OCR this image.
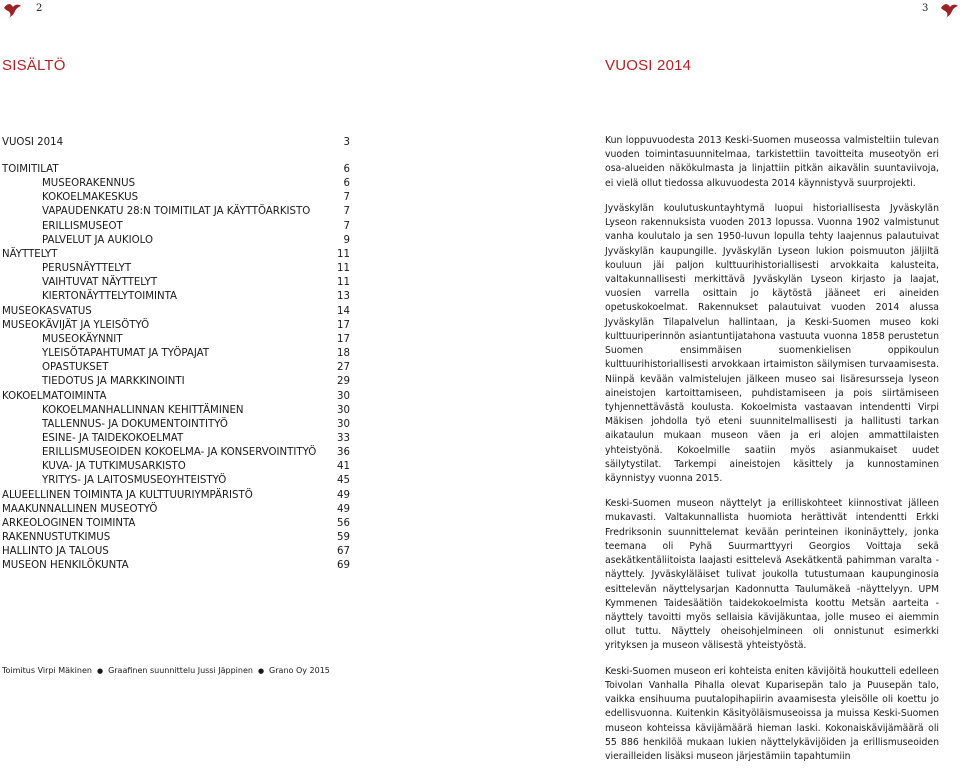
2
SISÄLTÖ
VUOSI 2014	3
TOIMITILAT	6
MUSEORAKENNUS	6
KOKOELMAKESKUS	7
VAPAUDENKATU 28:N TOIMITILAT JA KÄYTTÖARKISTO	7
ERILLISMUSEOT	7
PALVELUT JA AUKIOLO	9
NÄYTTELYT	11
PERUSNÄYTTELYT	11
VAIHTUVAT NÄYTTELYT	11
KIERTONÄYTTELYTOIMINTA	13
MUSEOKASVATUS	14
MUSEOKÄVIJÄT JA YLEISÖTYÖ	17
MUSEOKÄYNNIT	17
YLEISÖTAPAHTUMAT JA TYÖPAJAT	18
OPASTUKSET	27
TIEDOTUS JA MARKKINOINTI	29
KOKOELMATOIMINTA	30
KOKOELMANHALLINNAN KEHITTÄMINEN	30
TALLENNUS- JA DOKUMENTOINTITYÖ	30
ESINE- JA TAIDEKOKOELMAT	33
ERILLISMUSEOIDEN KOKOELMA- JA KONSERVOINTITYÖ 36
KUVA- JA TUTKIMUSARKISTO	41
YRITYS- JA LAITOSMUSEOYHTEISTYÖ	45
ALUEELLINEN TOIMINTA JA KULTTUURIYMPÄRISTÖ	49
MAAKUNNALLINEN MUSEOTYÖ	49
ARKEOLOGINEN TOIMINTA	56
RAKENNUSTUTKIMUS	59
HALLINTO JA TALOUS	67
MUSEON HENKILÖKUNTA	69
Toimitus Virpi Mäkinen ● Graafinen suunnittelu Jussi Jäppinen ● Grano Oy 2015
3
VUOSI 2014

Kun loppuvuodesta 2013 Keski-Suomen museossa valmisteltiin tulevan vuoden toimintasuunnitelmaa, tarkistettiin tavoitteita museotyön eri osa-alueiden näkökulmasta ja linjattiin pitkän aikavälin suuntaviivoja, ei vielä ollut tiedossa alkuvuodesta 2014 käynnistyvä suurprojekti.

Jyväskylän koulutuskuntayhtymä luopui historiallisesta Jyväskylän Lyseon rakennuksista vuoden 2013 lopussa. Vuonna 1902 valmistunut vanha koulutalo ja sen 1950-luvun lopulla tehty laajennus palautuivat Jyväskylän kaupungille. Jyväskylän Lyseon lukion poismuuton jäljiltä kouluun jäi paljon kulttuurihistoriallisesti arvokkaita kalusteita, valtakunnallisesti merkittävä Jyväskylän Lyseon kirjasto ja laajat, vuosien varrella osittain jo käytöstä jääneet eri aineiden opetuskokoelmat. Rakennukset palautuivat vuoden 2014 alussa Jyväskylän Tilapalvelun hallintaan, ja Keski-Suomen museo koki kulttuuriperinnön asiantuntijatahona vastuuta vuonna 1858 perustetun Suomen ensimmäisen suomenkielisen oppikoulun kulttuurihistoriallisesti arvokkaan irtaimiston säilymisen turvaamisesta. Niinpä kevään valmistelujen jälkeen museo sai lisäresursseja lyseon aineistojen kartoittamiseen, puhdistamiseen ja pois siirtämiseen tyhjennettävästä koulusta. Kokoelmista vastaavan intendentti Virpi Mäkisen johdolla työ eteni suunnitelmallisesti ja hallitusti tarkan aikataulun mukaan museon väen ja eri alojen ammattilaisten yhteistyönä. Kokoelmille saatiin myös asianmukaiset uudet säilytystilat. Tarkempi aineistojen käsittely ja kunnostaminen käynnistyy vuonna 2015.

Keski-Suomen museon näyttelyt ja erilliskohteet kiinnostivat jälleen mukavasti. Valtakunnallista huomiota herättivät intendentti Erkki Fredriksonin suunnittelemat kevään perinteinen ikoninäyttely, jonka teemana oli Pyhä Suurmarttyyri Georgios Voittaja sekä asekätkentäliitoista laajasti esittelevä Asekätkentä pahimman varalta -näyttely. Jyväskyläläiset tulivat joukolla tutustumaan kaupunginosia esittelevän näyttelysarjan Kadonnutta Taulumäkeä -näyttelyyn. UPM Kymmenen Taidesäätiön taidekokoelmista koottu Metsän aarteita -näyttely tavoitti myös sellaisia kävijäkuntaa, jolle museo ei aiemmin ollut tuttu. Näyttely oheisohjelmineen oli onnistunut esimerkki yrityksen ja museon välisestä yhteistyöstä.

Keski-Suomen museon eri kohteista eniten kävijöitä houkutteli edelleen Toivolan Vanhalla Pihalla olevat Kuparisepän talo ja Puusepän talo, vaikka ensihuuma puutalopihapiirin avaamisesta yleisölle oli koettu jo edellisvuonna. Kuitenkin Käsityöläismuseoissa ja muissa Keski-Suomen museon kohteissa kävijämäärä hieman laski. Kokonaiskävijämäärä oli 55 886 henkilöä mukaan lukien näyttelykävijöiden ja erillismuseoiden vierailleiden lisäksi museon järjestämiin tapahtumiin
